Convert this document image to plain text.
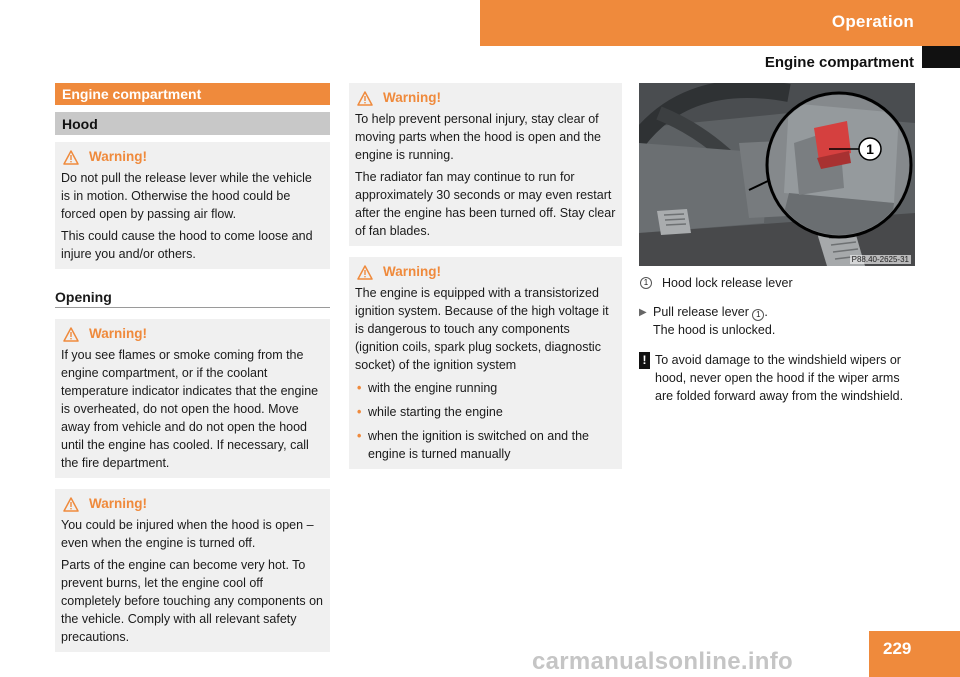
Operation
Engine compartment
Engine compartment
Hood
Warning!

Do not pull the release lever while the vehicle is in motion. Otherwise the hood could be forced open by passing air flow.

This could cause the hood to come loose and injure you and/or others.

Opening
Warning!

If you see flames or smoke coming from the engine compartment, or if the coolant temperature indicator indicates that the engine is overheated, do not open the hood. Move away from vehicle and do not open the hood until the engine has cooled. If necessary, call the fire department.

Warning!

You could be injured when the hood is open – even when the engine is turned off.

Parts of the engine can become very hot. To prevent burns, let the engine cool off completely before touching any components on the vehicle. Comply with all relevant safety precautions.

Warning!

To help prevent personal injury, stay clear of moving parts when the hood is open and the engine is running.

The radiator fan may continue to run for approximately 30 seconds or may even restart after the engine has been turned off. Stay clear of fan blades.

Warning!

The engine is equipped with a transistorized ignition system. Because of the high voltage it is dangerous to touch any components (ignition coils, spark plug sockets, diagnostic socket) of the ignition system

• with the engine running
• while starting the engine
• when the ignition is switched on and the engine is turned manually
1
P88.40-2625-31
1	Hood lock release lever
▶ Pull release lever 1 .
The hood is unlocked.
! To avoid damage to the windshield wipers or hood, never open the hood if the wiper arms are folded forward away from the windshield.
229
carmanualsonline.info
